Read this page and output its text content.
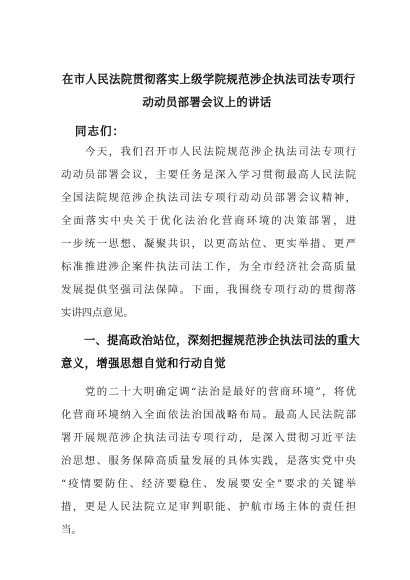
在市人民法院贯彻落实上级学院规范涉企执法司法专项行
动动员部署会议上的讲话
同志们：
今天，我们召开市人民法院规范涉企执法司法专项行
动动员部署会议，主要任务是深入学习贯彻最高人民法院
全国法院规范涉企执法司法专项行动动员部署会议精神，
全面落实中央关于优化法治化营商环境的决策部署，进
一步统一思想、凝聚共识，以更高站位、更实举措、更严
标准推进涉企案件执法司法工作，为全市经济社会高质量
发展提供坚强司法保障。下面，我围绕专项行动的贯彻落
实讲四点意见。
一、提高政治站位，深刻把握规范涉企执法司法的重大
意义，增强思想自觉和行动自觉
党的二十大明确定调“法治是最好的营商环境”，将优
化营商环境纳入全面依法治国战略布局。最高人民法院部
署开展规范涉企执法司法专项行动，是深入贯彻习近平法
治思想、服务保障高质量发展的具体实践，是落实党中央
“疫情要防住、经济要稳住、发展要安全”要求的关键举
措，更是人民法院立足审判职能、护航市场主体的责任担
当。
